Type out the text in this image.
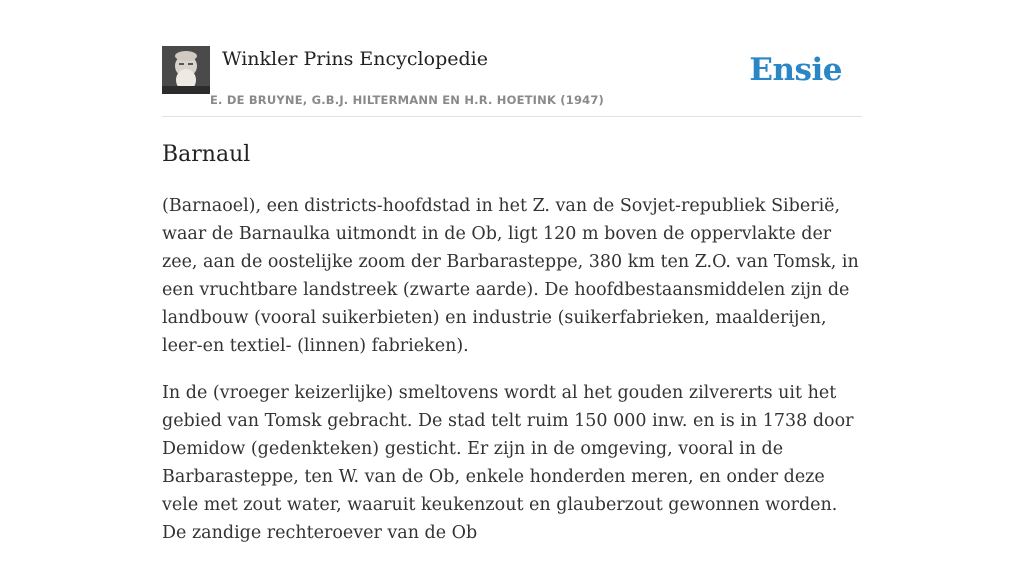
Winkler Prins Encyclopedie
E. DE BRUYNE, G.B.J. HILTERMANN EN H.R. HOETINK (1947)
Ensie
Barnaul

(Barnaoel), een districts-hoofdstad in het Z. van de Sovjet-republiek Siberië, waar de Barnaulka uitmondt in de Ob, ligt 120 m boven de oppervlakte der zee, aan de oostelijke zoom der Barbarasteppe, 380 km ten Z.O. van Tomsk, in een vruchtbare landstreek (zwarte aarde). De hoofdbestaansmiddelen zijn de landbouw (vooral suikerbieten) en industrie (suikerfabrieken, maalderijen, leer-en textiel- (linnen) fabrieken).

In de (vroeger keizerlijke) smeltovens wordt al het gouden zilvererts uit het gebied van Tomsk gebracht. De stad telt ruim 150 000 inw. en is in 1738 door Demidow (gedenkteken) gesticht. Er zijn in de omgeving, vooral in de Barbarasteppe, ten W. van de Ob, enkele honderden meren, en onder deze vele met zout water, waaruit keukenzout en glauberzout gewonnen worden. De zandige rechteroever van de Ob
